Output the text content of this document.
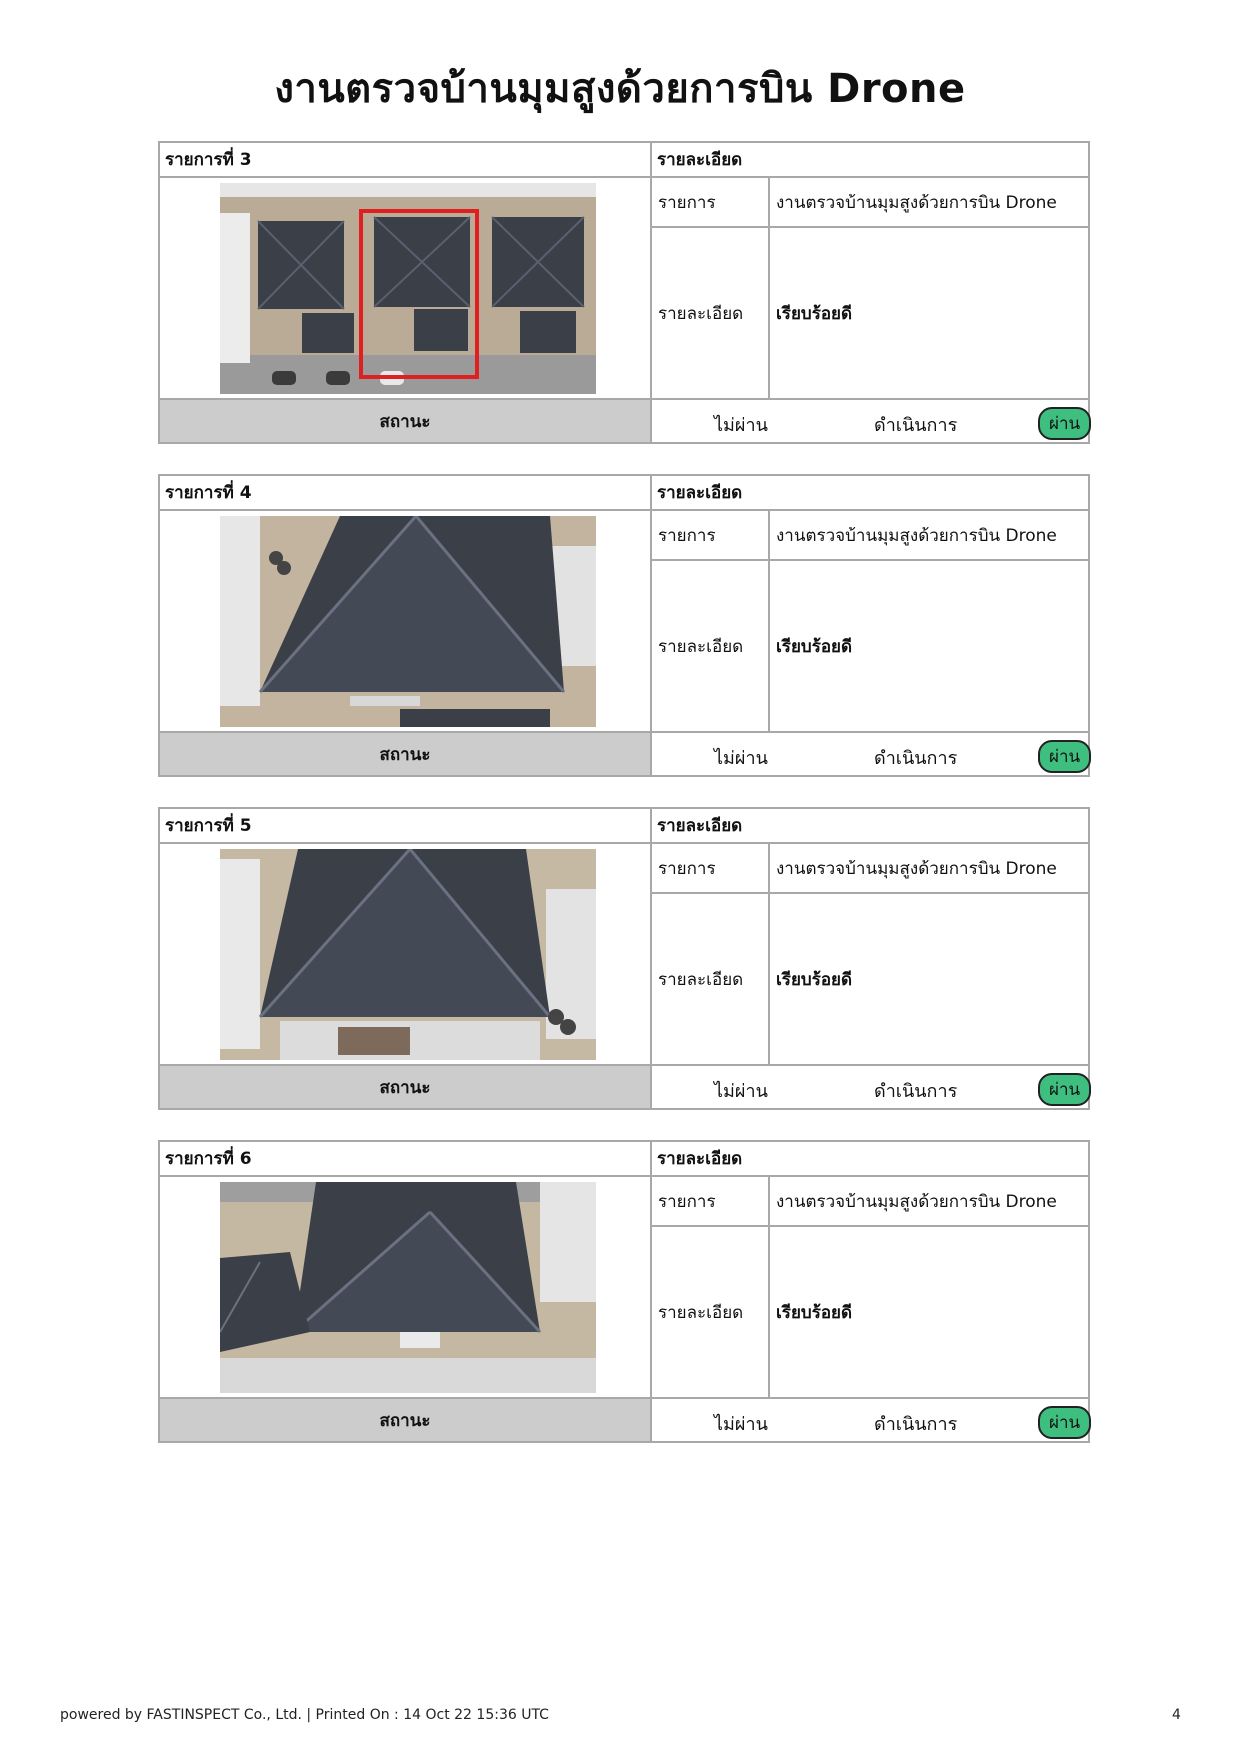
งานตรวจบ้านมุมสูงด้วยการบิน Drone
รายการที่ 3	รายละเอียด	

	รายการ	งานตรวจบ้านมุมสูงด้วยการบิน Drone
	รายละเอียด	เรียบร้อยดี
สถานะ	ไม่ผ่าน ดำเนินการ ผ่าน	
รายการที่ 4	รายละเอียด	

	รายการ	งานตรวจบ้านมุมสูงด้วยการบิน Drone
	รายละเอียด	เรียบร้อยดี
สถานะ	ไม่ผ่าน ดำเนินการ ผ่าน	
รายการที่ 5	รายละเอียด	

	รายการ	งานตรวจบ้านมุมสูงด้วยการบิน Drone
	รายละเอียด	เรียบร้อยดี
สถานะ	ไม่ผ่าน ดำเนินการ ผ่าน	
รายการที่ 6	รายละเอียด	

	รายการ	งานตรวจบ้านมุมสูงด้วยการบิน Drone
	รายละเอียด	เรียบร้อยดี
สถานะ	ไม่ผ่าน ดำเนินการ ผ่าน	
powered by FASTINSPECT Co., Ltd. | Printed On : 14 Oct 22 15:36 UTC	4
